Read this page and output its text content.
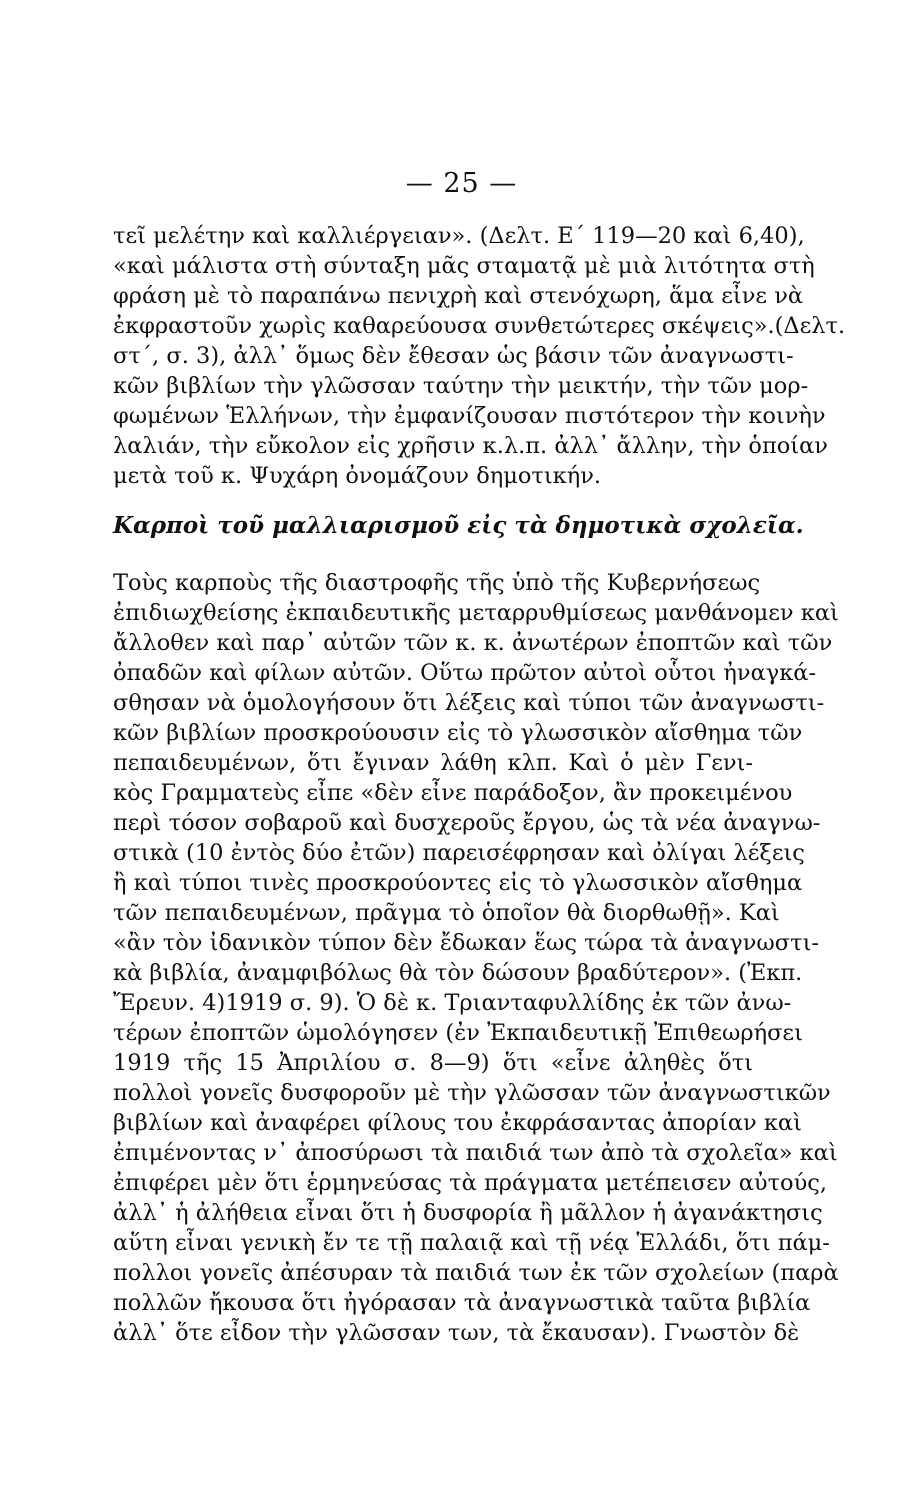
— 25 —
τεῖ μελέτην καὶ καλλιέργειαν». (Δελτ. Ε΄ 119—20 καὶ 6,40),
«καὶ μάλιστα στὴ σύνταξη μᾶς σταματᾷ μὲ μιὰ λιτότητα στὴ
φράση μὲ τὸ παραπάνω πενιχρὴ καὶ στενόχωρη, ἅμα εἶνε νὰ
ἐκφραστοῦν χωρὶς καθαρεύουσα συνθετώτερες σκέψεις».(Δελτ.
στ΄, σ. 3), ἀλλ᾽ ὅμως δὲν ἔθεσαν ὡς βάσιν τῶν ἀναγνωστι-
κῶν βιβλίων τὴν γλῶσσαν ταύτην τὴν μεικτήν, τὴν τῶν μορ-
φωμένων Ἑλλήνων, τὴν ἐμφανίζουσαν πιστότερον τὴν κοινὴν
λαλιάν, τὴν εὔκολον εἰς χρῆσιν κ.λ.π. ἀλλ᾽ ἄλλην, τὴν ὁποίαν
μετὰ τοῦ κ. Ψυχάρη ὀνομάζουν δημοτικήν.
Καρποὶ τοῦ μαλλιαρισμοῦ εἰς τὰ δημοτικὰ σχολεῖα.
Τοὺς καρποὺς τῆς διαστροφῆς τῆς ὑπὸ τῆς Κυβερνήσεως
ἐπιδιωχθείσης ἐκπαιδευτικῆς μεταρρυθμίσεως μανθάνομεν καὶ
ἄλλοθεν καὶ παρ᾽ αὐτῶν τῶν κ. κ. ἀνωτέρων ἐποπτῶν καὶ τῶν
ὀπαδῶν καὶ φίλων αὐτῶν. Οὕτω πρῶτον αὐτοὶ οὗτοι ἠναγκά-
σθησαν νὰ ὁμολογήσουν ὅτι λέξεις καὶ τύποι τῶν ἀναγνωστι-
κῶν βιβλίων προσκρούουσιν εἰς τὸ γλωσσικὸν αἴσθημα τῶν
πεπαιδευμένων, ὅτι ἔγιναν λάθη κλπ. Καὶ ὁ μὲν Γενι-
κὸς Γραμματεὺς εἶπε «δὲν εἶνε παράδοξον, ἂν προκειμένου
περὶ τόσον σοβαροῦ καὶ δυσχεροῦς ἔργου, ὡς τὰ νέα ἀναγνω-
στικὰ (10 ἐντὸς δύο ἐτῶν) παρεισέφρησαν καὶ ὀλίγαι λέξεις
ἢ καὶ τύποι τινὲς προσκρούοντες εἰς τὸ γλωσσικὸν αἴσθημα
τῶν πεπαιδευμένων, πρᾶγμα τὸ ὁποῖον θὰ διορθωθῇ». Καὶ
«ἂν τὸν ἰδανικὸν τύπον δὲν ἔδωκαν ἕως τώρα τὰ ἀναγνωστι-
κὰ βιβλία, ἀναμφιβόλως θὰ τὸν δώσουν βραδύτερον». (Ἐκπ.
Ἔρευν. 4)1919 σ. 9). Ὁ δὲ κ. Τριανταφυλλίδης ἐκ τῶν ἀνω-
τέρων ἐποπτῶν ὡμολόγησεν (ἐν Ἐκπαιδευτικῇ Ἐπιθεωρήσει
1919 τῆς 15 Ἀπριλίου σ. 8—9) ὅτι «εἶνε ἀληθὲς ὅτι
πολλοὶ γονεῖς δυσφοροῦν μὲ τὴν γλῶσσαν τῶν ἀναγνωστικῶν
βιβλίων καὶ ἀναφέρει φίλους του ἐκφράσαντας ἀπορίαν καὶ
ἐπιμένοντας ν᾽ ἀποσύρωσι τὰ παιδιά των ἀπὸ τὰ σχολεῖα» καὶ
ἐπιφέρει μὲν ὅτι ἑρμηνεύσας τὰ πράγματα μετέπεισεν αὐτούς,
ἀλλ᾽ ἡ ἀλήθεια εἶναι ὅτι ἡ δυσφορία ἢ μᾶλλον ἡ ἀγανάκτησις
αὕτη εἶναι γενικὴ ἔν τε τῇ παλαιᾷ καὶ τῇ νέᾳ Ἑλλάδι, ὅτι πάμ-
πολλοι γονεῖς ἀπέσυραν τὰ παιδιά των ἐκ τῶν σχολείων (παρὰ
πολλῶν ἤκουσα ὅτι ἠγόρασαν τὰ ἀναγνωστικὰ ταῦτα βιβλία
ἀλλ᾽ ὅτε εἶδον τὴν γλῶσσαν των, τὰ ἔκαυσαν). Γνωστὸν δὲ
